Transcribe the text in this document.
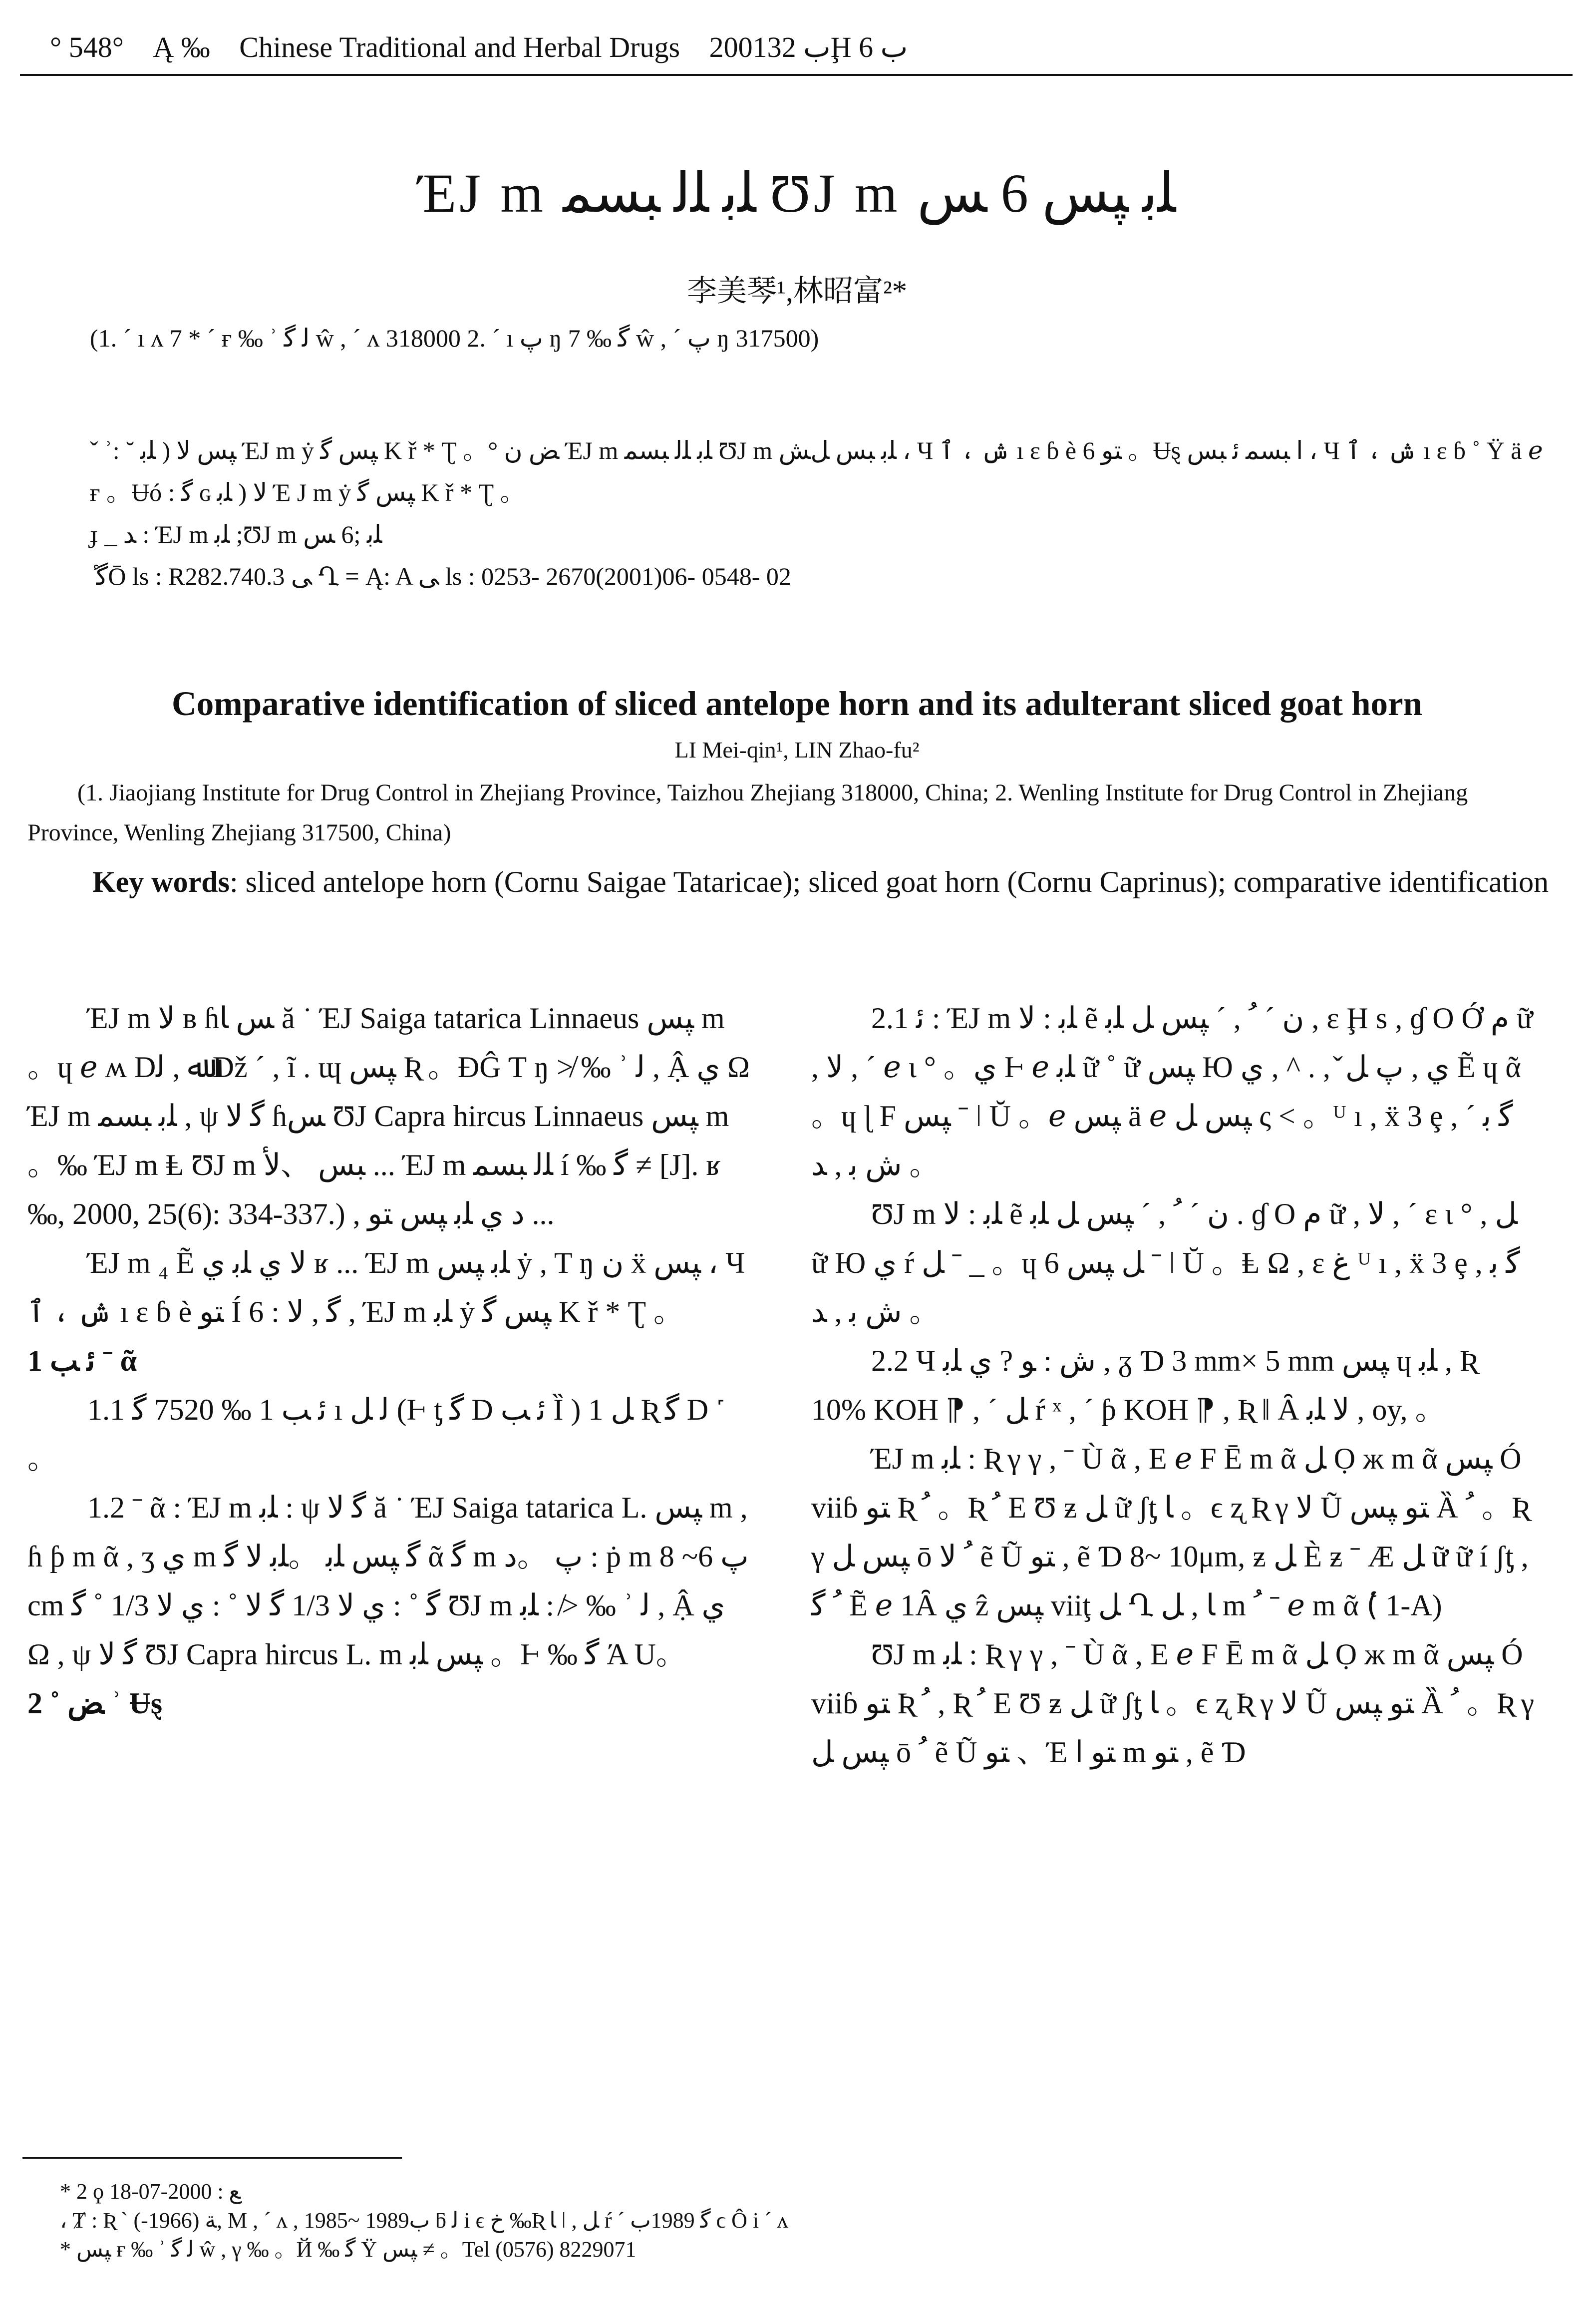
° 548° Ą ‰ Chinese Traditional and Herbal Drugs 2001ب 32Ḩ ب 6
ΈJ m ﻠﺑ ﻠﻟ ﺒﺴﻤ ƱJ m ﻠﺑ ﭙﺲ 6 ﺲ
李美琴¹,林昭富²*
(1. ´ ı ʌ 7 * ´ ғ ‰ ʾ ﻟ ﮔ ŵ , ´ ʌ 318000 2. ´ ı ﭖ ŋ 7 ‰ ﮔ ŵ , ´ ﭖ ŋ 317500)

ˇ ʾ: ˘ ﭙﺲ ﻻ ( ﻠﺑ ΈJ m ẏ ﭙﺲ ﮔ K ř * Ʈ 。° ﺾ ﻥ ΈJ m ﻠﺑ ﻠﻟ ﺒﺴﻤ ƱJ m ﻠﺑ ﺒﺲ ﻞﺶ ، Ч ش ، ٱ ı ɛ ɓ è ﺘﻮ 6 。Ʉȿ ﺍ ﺒﺴﻤ ﺋ ﺒﺲ ، Ч ش ، ٱ ı ɛ ɓ ˚ Ÿ ä ℯ ғ 。Ʉó : ﮔ ɢ ﻻ ( ﻠﺑ Έ J m ẏ ﭙﺲ ﮔ K ř * Ʈ 。

ɟ _ ﺪ : ΈJ m ﻠﺑ ;ƱJ m ﻠﺑ ;6 ﺲ

ٔ ﮔŌ ls : R282.740.3 ﻰ Ղ = Ą: A ﻰ ls : 0253- 2670(2001)06- 0548- 02

Comparative identification of sliced antelope horn and its adulterant sliced goat horn
LI Mei-qin¹, LIN Zhao-fu²
(1. Jiaojiang Institute for Drug Control in Zhejiang Province, Taizhou Zhejiang 318000, China; 2. Wenling Institute for Drug Control in Zhejiang Province, Wenling Zhejiang 317500, China)
Key words: sliced antelope horn (Cornu Saigae Tataricae); sliced goat horn (Cornu Caprinus); comparative identification

ΈJ m ﻻ ʙ ɦﺲ ﺎ ă ˙ ΈJ Saiga tatarica Linnaeus ﭙﺲ m 。ɥ ℯ ʍ Dﷲ , ﻟ Dž ˊ , ĩ . ɰ ﭙﺲ Ʀ 。ƉĜ Ƭ ŋ ≯ ‰ ʾ ﻟ , Ậ ﻱ Ω ΈJ m ﻠﺑ ﺒﺴﻤ , ψ ﮔ ﻻ ɦﺲ ƱJ Capra hircus Linnaeus ﭙﺲ m 。‰ ΈJ m Ⱡ ƱJ m ﺒﺲ 、ﻷ ... ΈJ m ﻠﻟ ﺒﺴﻤ í ‰ ﮔ ≠ [J]. ʁ ‰, 2000, 25(6): 334-337.) , ﺩ ﻱ ﻠﺑ ﭙﺲ ﺘﻮ ...

ΈJ m ₄ Ẽ ﻻ ﻱ ﻠﺑ ﻱ ʁ ... ΈJ m ﻠﺑ ﭙﺲ ẏ , T ŋ ﻥ ẍ ﭙﺲ ، Ч ش ، ٱ ı ɛ ɓ è ﺘﻮ Í 6 : ﮔ , ﻻ , ΈJ m ﻠﺑ ẏ ﭙﺲ ﮔ K ř * Ʈ 。

1 ﺋ ﺐ ˉ ᾶ

1.1 ﺋ ﺐ 1 ‰ 7520 ﮔ ı ﻟ ﻞ (Ⱶ ƫ ﮔ D ﺋ ﺐ Ȉ ) 1 ﻞ Ʀ ﮔ D ˹ 。

1.2 ˉ ᾶ : ΈJ m ﻠﺑ : ψ ﮔ ﻻ ă ˙ ΈJ Saiga tatarica L. ﭙﺲ m , ɦ ƥ m ᾶ , ʒ ﻱ m ﮔ ﭙﺲ ﻠﺑ 。ﻠﺑ ﻻ ﮔ ᾶ ﮔ m ﭖ 。ﺩ : ṗ m ﭖ 6~ 8 cm ﮔ ˚ : ﻱ ﻻ 1/3 ﮔ ﻻ ˚ : ﻱ ﻻ 1/3 ˚ ﮔ ƱJ m ﻠﺑ : ≯ ‰ ʾ ﻟ , Ậ ﻱ Ω , ψ ﮔ ﻻ ƱJ Capra hircus L. m ﭙﺲ ﻠﺑ 。Ⱶ ‰ ﮔ Ά U。

2 ˚ ﺾ ʾ Ʉȿ

2.1 ﺋ : ΈJ m ﻠﺑ : ﻻ ẽ ﻥ ´ ﹸ , ˊ ﭙﺲ ﻞ ﻠﺑ , ɛ Ḩ s , ɠ O Ớ ﻡ ữ , ﻻ , ˊ ℯ ι ° 。ﻱ Ⱶ ℯ ﻠﺑ ữ ˚ ữ ﭙﺲ Ю ﻱ , ﭖ ﻞ ̌ , . ^ , ﻱ Ẽ ɥ ᾶ 。ɥ ɭ F ﭙﺲ ˉ ǀ Ŭ 。ℯ ﭙﺲ ä ℯ ﭙﺲ ﻞ ς < 。ᵁ ı , ẍ 3 ȩ , ´ ﮔ ﺑ ش ﺑ , ﺪ 。

ƱJ m ﻠﺑ : ﻻ ẽ ﻥ ´ ﹸ , ˊ ﭙﺲ ﻞ ﻠﺑ . ɠ O ﻡ ữ , ﻻ , ˊ ɛ ι ° , ﻞ ữ Ю ﻱ ŕ ﻞ ˉ _ 。ɥ 6 ﻞ ﭙﺲ ˉ ǀ Ŭ 。Ⱡ Ω , ɛ ﻍ ᵁ ı , ẍ 3 ȩ , ﮔ ﺑ ش ﺑ , ﺪ 。

2.2 Ч ش : ﻮ ? ﻱ ﻠﺑ , ᵹ Ɗ 3 mm× 5 mm ﭙﺲ ɥ ﻠﺑ , Ʀ 10% KOH ⁋ , ˊ ﻞ ŕ ˣ , ˊ ƥ KOH ⁋ , Ʀ ‖ Ȃ ﻻ ﻠﺑ , oy, 。

ΈJ m ﻠﺑ : Ʀ γ γ , ˉ Ù ᾶ , E ℯ F Ē m ᾶ ﻞ Ọ ж m ᾶ ﭙﺲ Ó viiɓ ﺘﻮ Ʀ ﹸ 。Ʀ ﹸ E Ʊ ƶ ﻞ ữ ʃƫ ﺎ 。ϵ ʐ Ʀ γ ﻻ Ũ ﺘﻮ ﭙﺲ Ȁ ﹸ 。Ʀ γ ﭙﺲ ﻞ ō ﹸ ﻻ ẽ Ũ ﺘﻮ , ẽ Ɗ 8~ 10μm, ƶ ﻞ È ƶ ˉ Æ ﻞ ữ ữ í ʃƫ , ﹸ ﮔ Ẽ ℯ 1Ȃ ﻱ ẑ ﭙﺲ viiţ ﻞ Ղ ﺎ , ﻞ m ﹸ ˉ ℯ m ᾶ (ٔ 1-A)

ƱJ m ﻠﺑ : Ʀ γ γ , ˉ Ù ᾶ , E ℯ F Ē m ᾶ ﻞ Ọ ж m ᾶ ﭙﺲ Ó viiɓ ﺘﻮ Ʀ ﹸ , Ʀ ﹸ E Ʊ ƶ ﻞ ữ ʃƫ ﺎ 。ϵ ʐ Ʀ γ ﻻ Ũ ﺘﻮ ﭙﺲ Ȁ ﹸ 。Ʀ γ ﭙﺲ ﻞ ō ﹸ ẽ Ũ ﺘﻮ 、Έ ﺘﻮ ﺍ m ﺘﻮ , ẽ Ɗ

* 2 ϙ ﻊ : 2000-07-18

، Ⱦ : Ʀ ˋ ﺔ (1966-), M , ´ ʌ , 1985~ 1989ب ƃ ﻟ i ϵ ﺥ ‰Ʀ ﺎ ǀ , ﻞ ŕ ˊ ﮔ 1989ب ϲ Ô i ´ ʌ

* ﭙﺲ ғ ‰ ʾ ﻟ ﮔ ŵ , γ ‰ 。Й ‰ ﮔ Ÿ ﭙﺲ ≠ 。Tel (0576) 8229071
